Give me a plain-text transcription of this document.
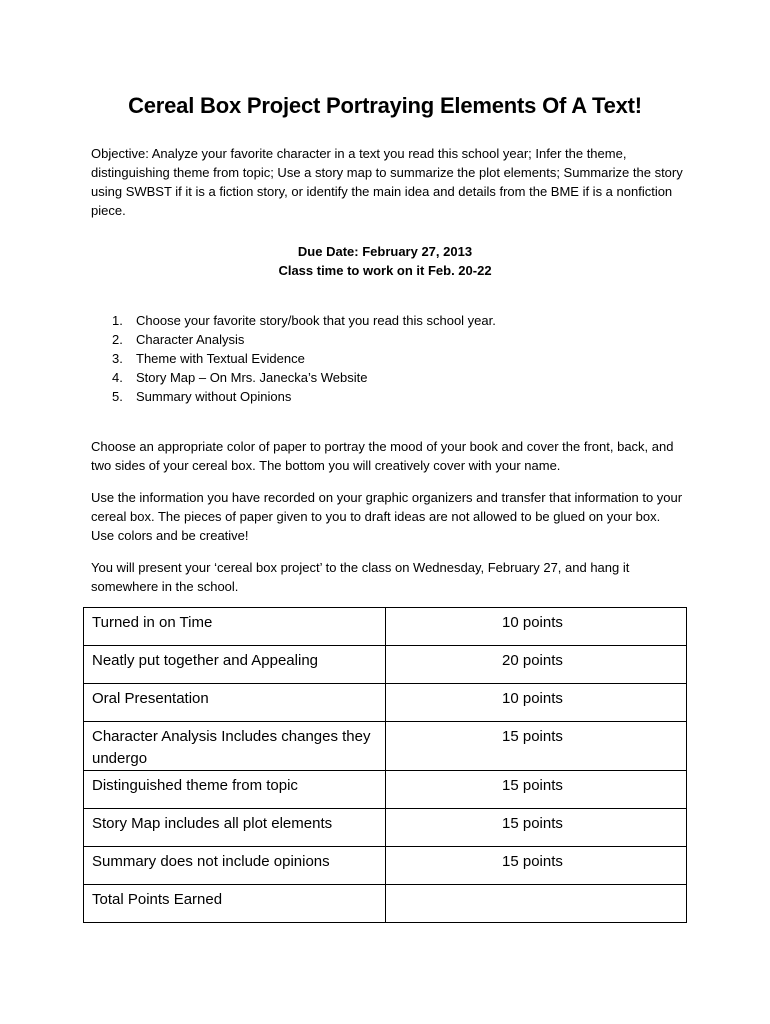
Cereal Box Project Portraying Elements Of A Text!

Objective: Analyze your favorite character in a text you read this school year; Infer the theme, distinguishing theme from topic; Use a story map to summarize the plot elements; Summarize the story using SWBST if it is a fiction story, or identify the main idea and details from the BME if is a nonfiction piece.

Due Date: February 27, 2013
Class time to work on it Feb. 20-22
1.	Choose your favorite story/book that you read this school year.
2.	Character Analysis
3.	Theme with Textual Evidence
4.	Story Map – On Mrs. Janecka’s Website
5.	Summary without Opinions

Choose an appropriate color of paper to portray the mood of your book and cover the front, back, and two sides of your cereal box. The bottom you will creatively cover with your name.

Use the information you have recorded on your graphic organizers and transfer that information to your cereal box. The pieces of paper given to you to draft ideas are not allowed to be glued on your box. Use colors and be creative!

You will present your ‘cereal box project’ to the class on Wednesday, February 27, and hang it somewhere in the school.

Turned in on Time	10 points
Neatly put together and Appealing	20 points
Oral Presentation	10 points
Character Analysis Includes changes they undergo	15 points
Distinguished theme from topic	15 points
Story Map includes all plot elements	15 points
Summary does not include opinions	15 points
Total Points Earned	
